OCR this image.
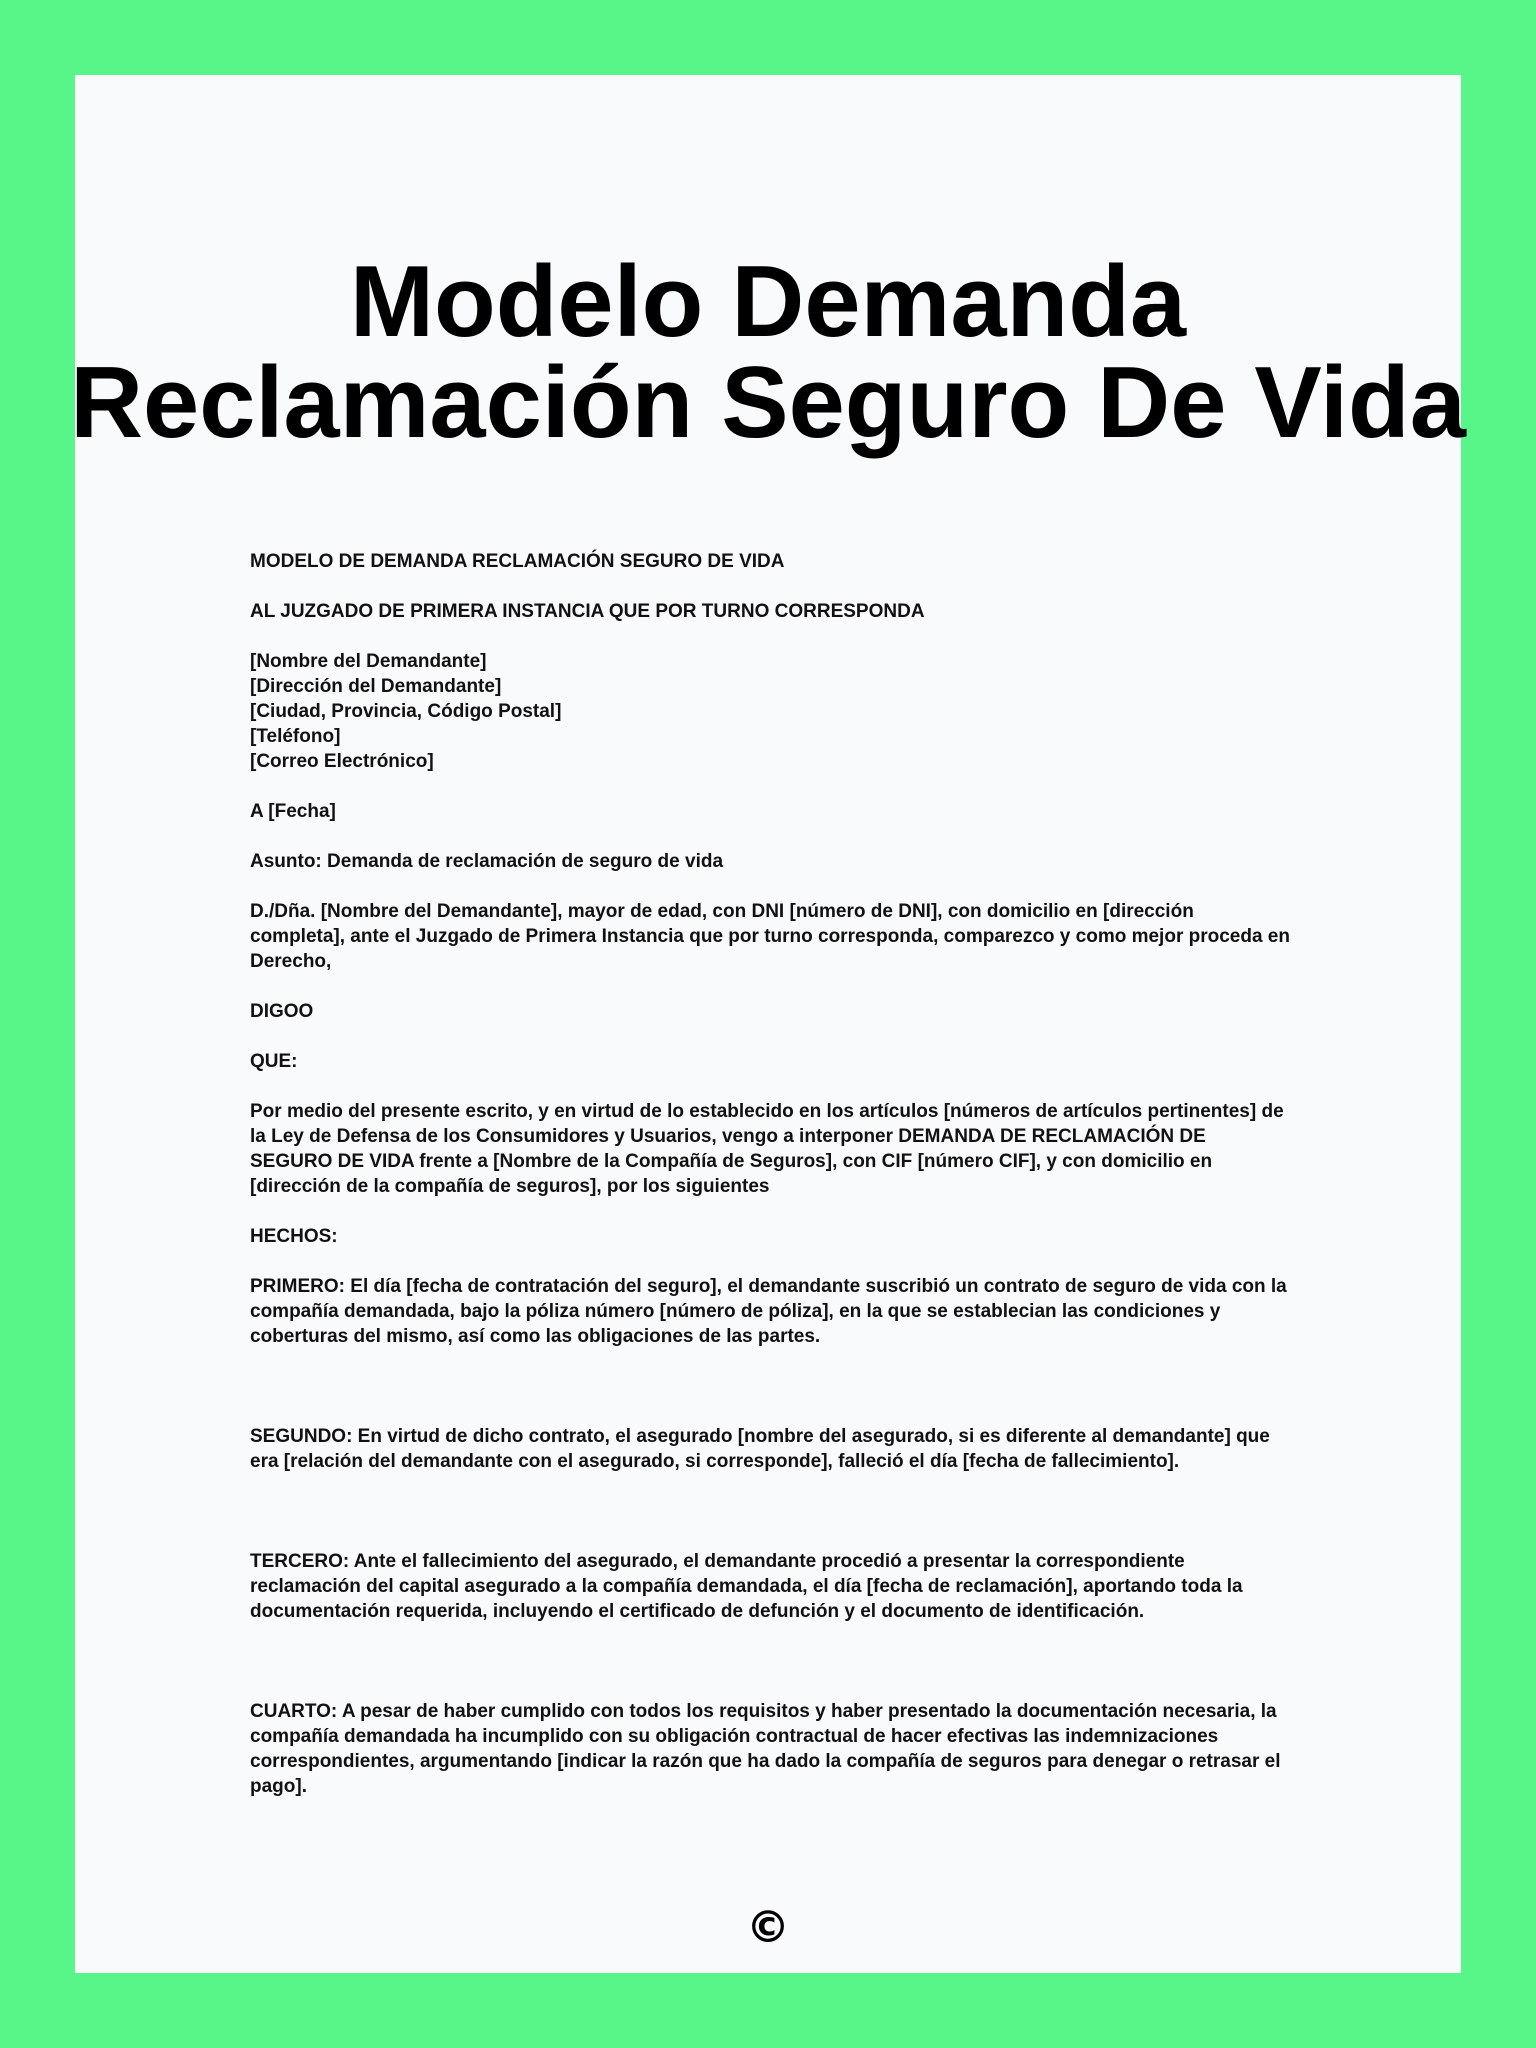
Modelo Demanda
Reclamación Seguro De Vida

MODELO DE DEMANDA RECLAMACIÓN SEGURO DE VIDA

AL JUZGADO DE PRIMERA INSTANCIA QUE POR TURNO CORRESPONDA

[Nombre del Demandante]
[Dirección del Demandante]
[Ciudad, Provincia, Código Postal]
[Teléfono]
[Correo Electrónico]

A [Fecha]

Asunto: Demanda de reclamación de seguro de vida

D./Dña. [Nombre del Demandante], mayor de edad, con DNI [número de DNI], con domicilio en [dirección completa], ante el Juzgado de Primera Instancia que por turno corresponda, comparezco y como mejor proceda en Derecho,

DIGOO

QUE:

Por medio del presente escrito, y en virtud de lo establecido en los artículos [números de artículos pertinentes] de la Ley de Defensa de los Consumidores y Usuarios, vengo a interponer DEMANDA DE RECLAMACIÓN DE SEGURO DE VIDA frente a [Nombre de la Compañía de Seguros], con CIF [número CIF], y con domicilio en [dirección de la compañía de seguros], por los siguientes

HECHOS:

PRIMERO: El día [fecha de contratación del seguro], el demandante suscribió un contrato de seguro de vida con la compañía demandada, bajo la póliza número [número de póliza], en la que se establecian las condiciones y coberturas del mismo, así como las obligaciones de las partes.

SEGUNDO: En virtud de dicho contrato, el asegurado [nombre del asegurado, si es diferente al demandante] que era [relación del demandante con el asegurado, si corresponde], falleció el día [fecha de fallecimiento].

TERCERO: Ante el fallecimiento del asegurado, el demandante procedió a presentar la correspondiente reclamación del capital asegurado a la compañía demandada, el día [fecha de reclamación], aportando toda la documentación requerida, incluyendo el certificado de defunción y el documento de identificación.

CUARTO: A pesar de haber cumplido con todos los requisitos y haber presentado la documentación necesaria, la compañía demandada ha incumplido con su obligación contractual de hacer efectivas las indemnizaciones correspondientes, argumentando [indicar la razón que ha dado la compañía de seguros para denegar o retrasar el pago].

©
